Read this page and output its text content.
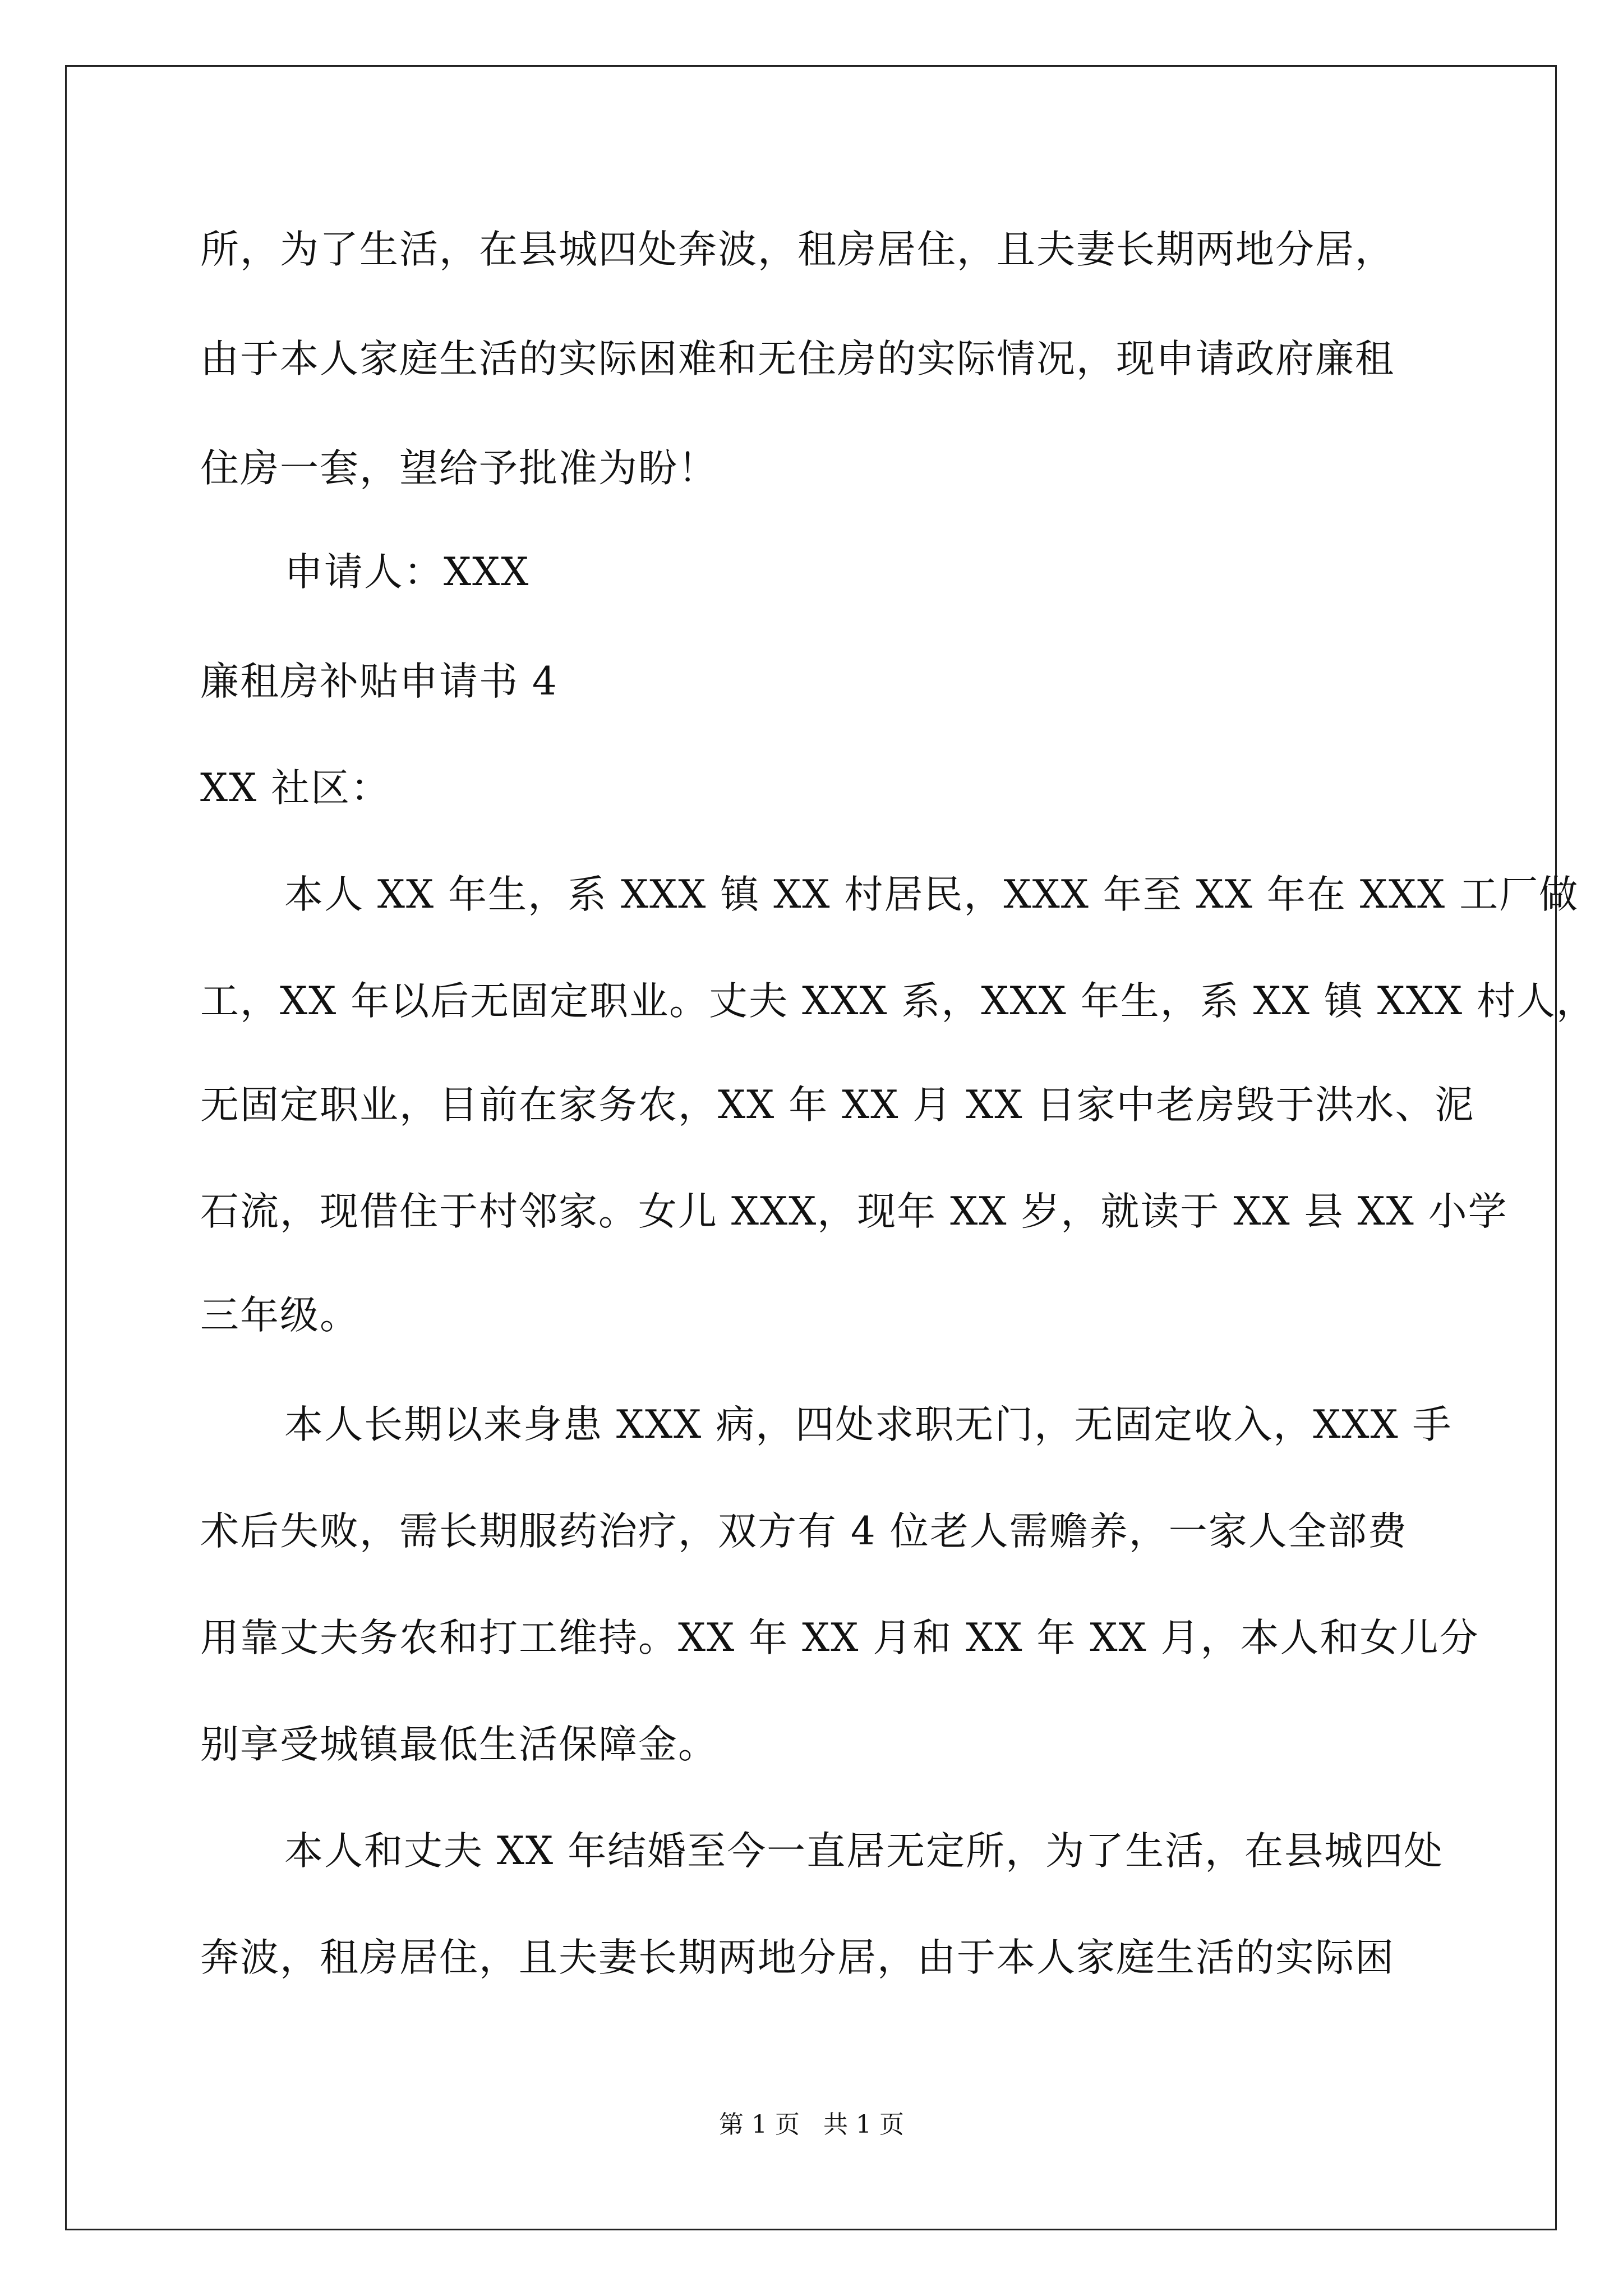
所，为了生活，在县城四处奔波，租房居住，且夫妻长期两地分居，
由于本人家庭生活的实际困难和无住房的实际情况，现申请政府廉租
住房一套，望给予批准为盼！
申请人：XXX
廉租房补贴申请书 4
XX 社区：
本人 XX 年生，系 XXX 镇 XX 村居民，XXX 年至 XX 年在 XXX 工厂做
工，XX 年以后无固定职业。丈夫 XXX 系，XXX 年生，系 XX 镇 XXX 村人，
无固定职业，目前在家务农，XX 年 XX 月 XX 日家中老房毁于洪水、泥
石流，现借住于村邻家。女儿 XXX，现年 XX 岁，就读于 XX 县 XX 小学
三年级。
本人长期以来身患 XXX 病，四处求职无门，无固定收入，XXX 手
术后失败，需长期服药治疗，双方有 4 位老人需赡养，一家人全部费
用靠丈夫务农和打工维持。XX 年 XX 月和 XX 年 XX 月，本人和女儿分
别享受城镇最低生活保障金。
本人和丈夫 XX 年结婚至今一直居无定所，为了生活，在县城四处
奔波，租房居住，且夫妻长期两地分居，由于本人家庭生活的实际困
第 1 页   共 1 页
